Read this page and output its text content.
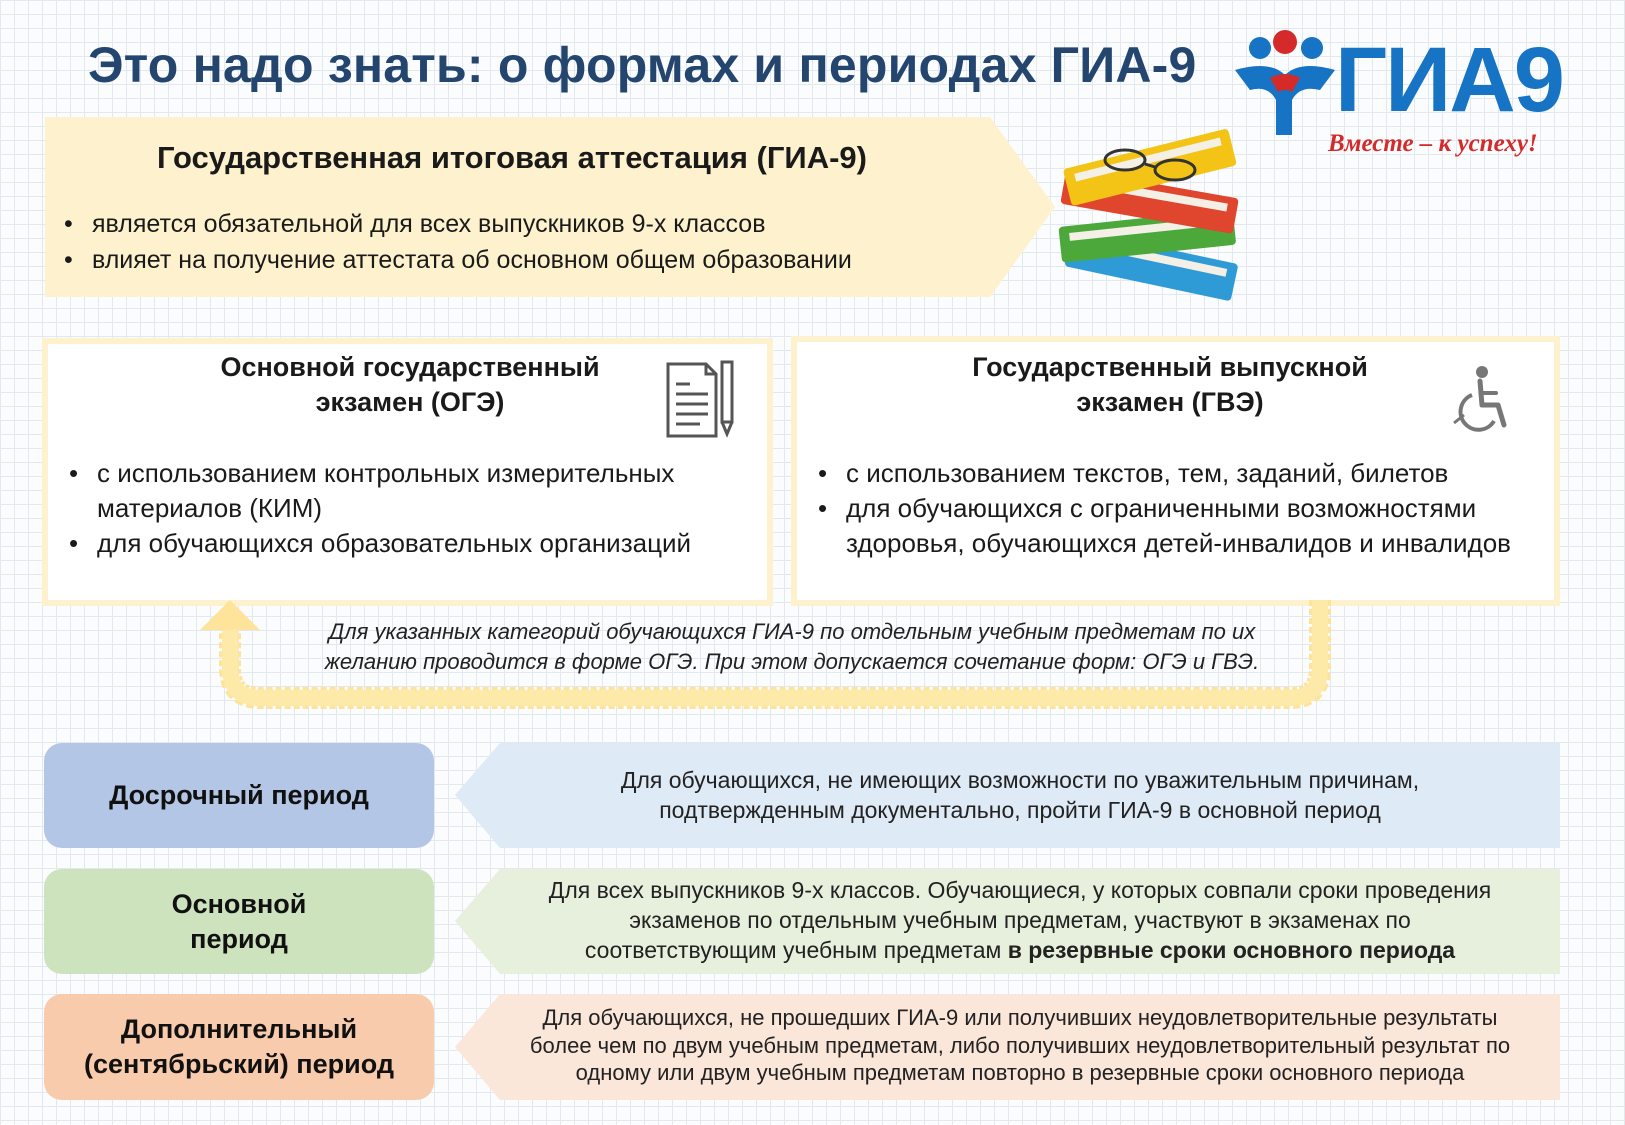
Это надо знать: о формах и периодах ГИА-9 ГИА9
Вместе – к успеху!
Государственная итоговая аттестация (ГИА-9)
• является обязательной для всех выпускников 9-х классов
• влияет на получение аттестата об основном общем образовании
Основной государственный
экзамен (ОГЭ)
• с использованием контрольных измерительных материалов (КИМ)
• для обучающихся образовательных организаций
Государственный выпускной
экзамен (ГВЭ)
• с использованием текстов, тем, заданий, билетов
• для обучающихся с ограниченными возможностями здоровья, обучающихся детей-инвалидов и инвалидов
Для указанных категорий обучающихся ГИА-9 по отдельным учебным предметам по их
желанию проводится в форме ОГЭ. При этом допускается сочетание форм: ОГЭ и ГВЭ.
Досрочный период
Основной
период
Дополнительный
(сентябрьский) период
Для обучающихся, не имеющих возможности по уважительным причинам,
подтвержденным документально, пройти ГИА-9 в основной период
Для всех выпускников 9-х классов. Обучающиеся, у которых совпали сроки проведения
экзаменов по отдельным учебным предметам, участвуют в экзаменах по
соответствующим учебным предметам в резервные сроки основного периода
Для обучающихся, не прошедших ГИА-9 или получивших неудовлетворительные результаты
более чем по двум учебным предметам, либо получивших неудовлетворительный результат по
одному или двум учебным предметам повторно в резервные сроки основного периода
